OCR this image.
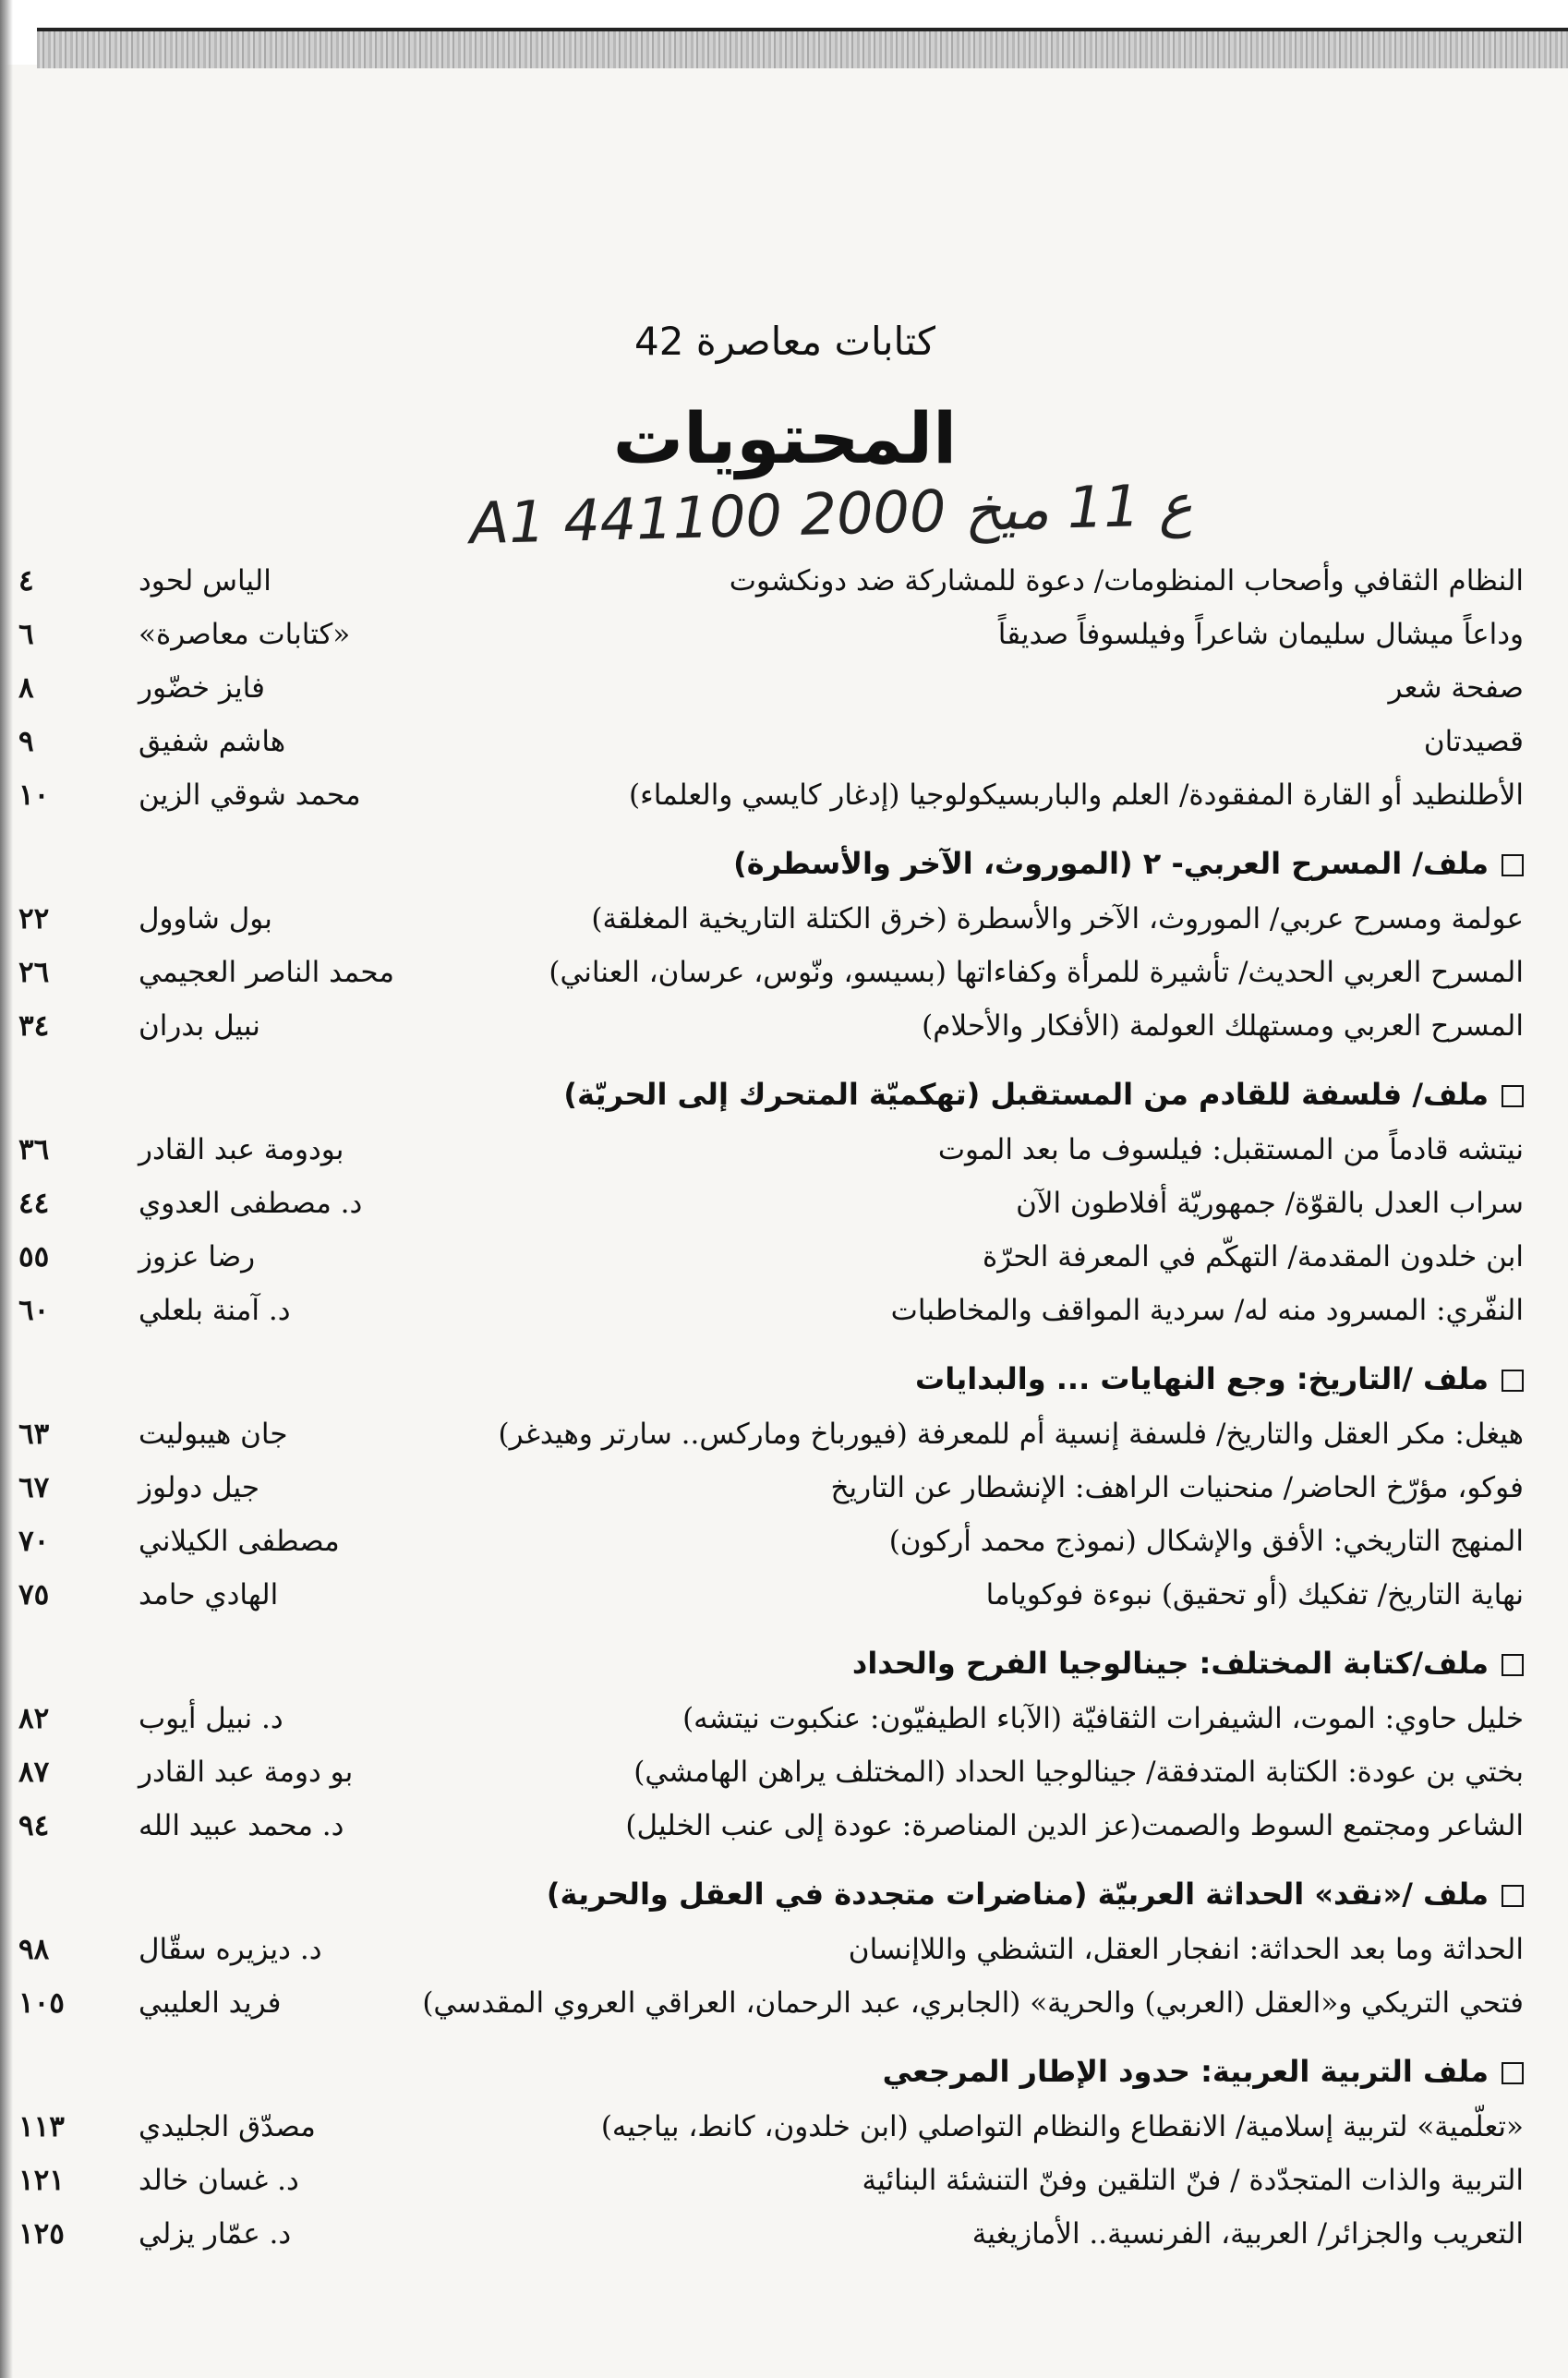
كتابات معاصرة 42
المحتويات
A1 44ع 11 ميخ 2000 1100
النظام الثقافي وأصحاب المنظومات/ دعوة للمشاركة ضد دونكشوت
الياس لحود
٤
وداعاً ميشال سليمان شاعراً وفيلسوفاً صديقاً
«كتابات معاصرة»
٦
صفحة شعر
فايز خضّور
٨
قصيدتان
هاشم شفيق
٩
الأطلنطيد أو القارة المفقودة/ العلم والباربسيكولوجيا (إدغار كايسي والعلماء)
محمد شوقي الزين
١٠
ملف/ المسرح العربي- ٢ (الموروث، الآخر والأسطرة)
عولمة ومسرح عربي/ الموروث، الآخر والأسطرة (خرق الكتلة التاريخية المغلقة)
بول شاوول
٢٢
المسرح العربي الحديث/ تأشيرة للمرأة وكفاءاتها (بسيسو، ونّوس، عرسان، العناني)
محمد الناصر العجيمي
٢٦
المسرح العربي ومستهلك العولمة (الأفكار والأحلام)
نبيل بدران
٣٤
ملف/ فلسفة للقادم من المستقبل (تهكميّة المتحرك إلى الحريّة)
نيتشه قادماً من المستقبل: فيلسوف ما بعد الموت
بودومة عبد القادر
٣٦
سراب العدل بالقوّة/ جمهوريّة أفلاطون الآن
د. مصطفى العدوي
٤٤
ابن خلدون المقدمة/ التهكّم في المعرفة الحرّة
رضا عزوز
٥٥
النفّري: المسرود منه له/ سردية المواقف والمخاطبات
د. آمنة بلعلي
٦٠
ملف /التاريخ: وجع النهايات ... والبدايات
هيغل: مكر العقل والتاريخ/ فلسفة إنسية أم للمعرفة (فيورباخ وماركس.. سارتر وهيدغر)
جان هيبوليت
٦٣
فوكو، مؤرّخ الحاضر/ منحنيات الراهف: الإنشطار عن التاريخ
جيل دولوز
٦٧
المنهج التاريخي: الأفق والإشكال (نموذج محمد أركون)
مصطفى الكيلاني
٧٠
نهاية التاريخ/ تفكيك (أو تحقيق) نبوءة فوكوياما
الهادي حامد
٧٥
ملف/كتابة المختلف: جينالوجيا الفرح والحداد
خليل حاوي: الموت، الشيفرات الثقافيّة (الآباء الطيفيّون: عنكبوت نيتشه)
د. نبيل أيوب
٨٢
بختي بن عودة: الكتابة المتدفقة/ جينالوجيا الحداد (المختلف يراهن الهامشي)
بو دومة عبد القادر
٨٧
الشاعر ومجتمع السوط والصمت(عز الدين المناصرة: عودة إلى عنب الخليل)
د. محمد عبيد الله
٩٤
ملف /«نقد» الحداثة العربيّة (مناضرات متجددة في العقل والحرية)
الحداثة وما بعد الحداثة: انفجار العقل، التشظي واللاإنسان
د. ديزيره سقّال
٩٨
فتحي التريكي و«العقل (العربي) والحرية» (الجابري، عبد الرحمان، العراقي العروي المقدسي)
فريد العليبي
١٠٥
ملف التربية العربية: حدود الإطار المرجعي
«تعلّمية» لتربية إسلامية/ الانقطاع والنظام التواصلي (ابن خلدون، كانط، بياجيه)
مصدّق الجليدي
١١٣
التربية والذات المتجدّدة / فنّ التلقين وفنّ التنشئة البنائية
د. غسان خالد
١٢١
التعريب والجزائر/ العربية، الفرنسية.. الأمازيغية
د. عمّار يزلي
١٢٥
